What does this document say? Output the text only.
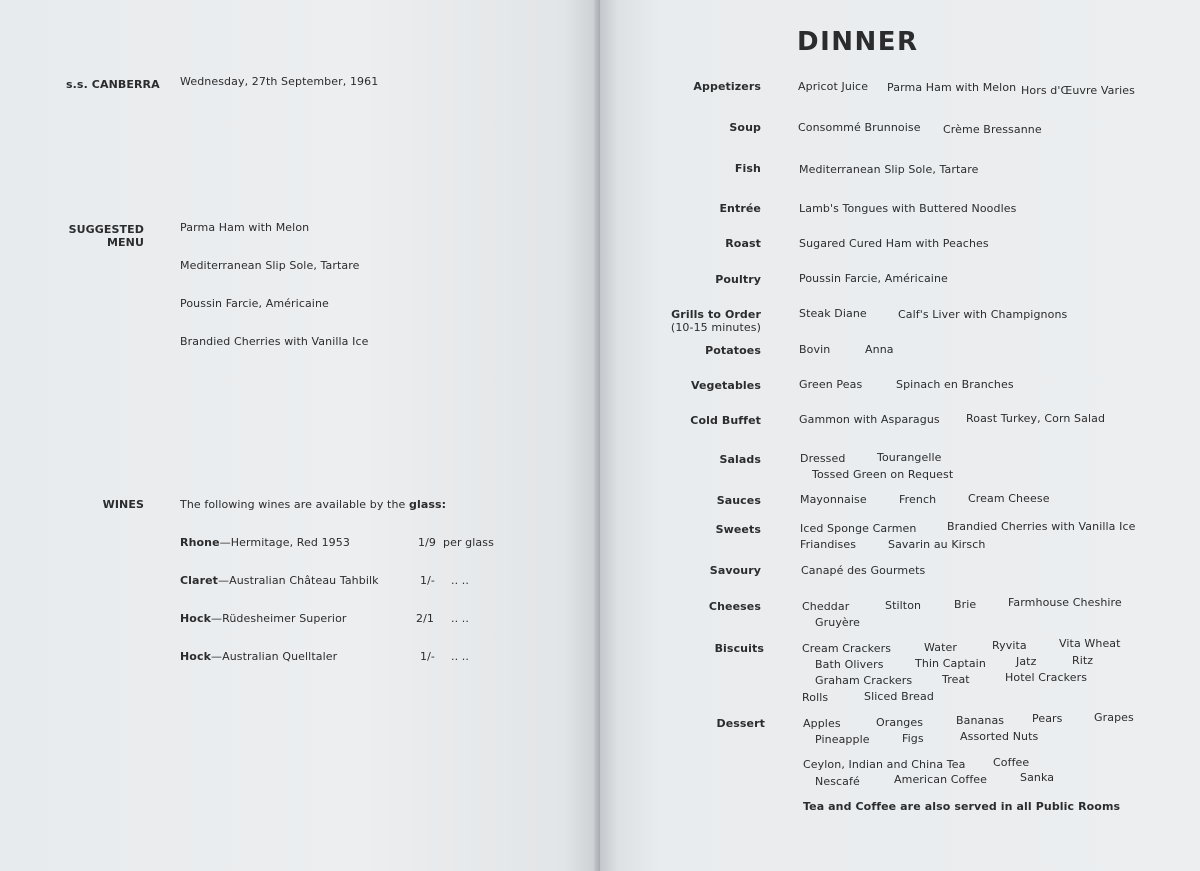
s.s. CANBERRA Wednesday, 27th September, 1961
SUGGESTED
MENU
Parma Ham with Melon
Mediterranean Slip Sole, Tartare
Poussin Farcie, Américaine
Brandied Cherries with Vanilla Ice
WINES	The following wines are available by the glass:
Rhone—Hermitage, Red 1953	1/9 per glass
Claret—Australian Château Tahbilk	1/- .. ..
Hock—Rüdesheimer Superior	2/1 .. ..
Hock—Australian Quelltaler	1/- .. ..
DINNER
Appetizers	Apricot Juice Parma Ham with Melon Hors d'Œuvre Varies
Soup	Consommé Brunnoise Crème Bressanne
Fish	Mediterranean Slip Sole, Tartare
Entrée	Lamb's Tongues with Buttered Noodles
Roast	Sugared Cured Ham with Peaches
Poultry	Poussin Farcie, Américaine
Grills to Order
(10-15 minutes)
Steak Diane	Calf's Liver with Champignons
Potatoes	Bovin	Anna
Vegetables	Green Peas	Spinach en Branches
Cold Buffet	Gammon with Asparagus Roast Turkey, Corn Salad
Salads	Dressed	Tourangelle
Tossed Green on Request
Sauces	Mayonnaise	French	Cream Cheese
Sweets	Iced Sponge Carmen	Brandied Cherries with Vanilla Ice
Friandises	Savarin au Kirsch
Savoury	Canapé des Gourmets
Cheeses	Cheddar	Stilton	Brie	Farmhouse Cheshire
Gruyère
Biscuits	Cream Crackers	Water	Ryvita	Vita Wheat
Bath Olivers	Thin Captain	Jatz	Ritz
Graham Crackers	Treat	Hotel Crackers
Rolls	Sliced Bread
Dessert	Apples	Oranges	Bananas	Pears	Grapes
Pineapple	Figs	Assorted Nuts
Ceylon, Indian and China Tea	Coffee
Nescafé	American Coffee	Sanka
Tea and Coffee are also served in all Public Rooms
